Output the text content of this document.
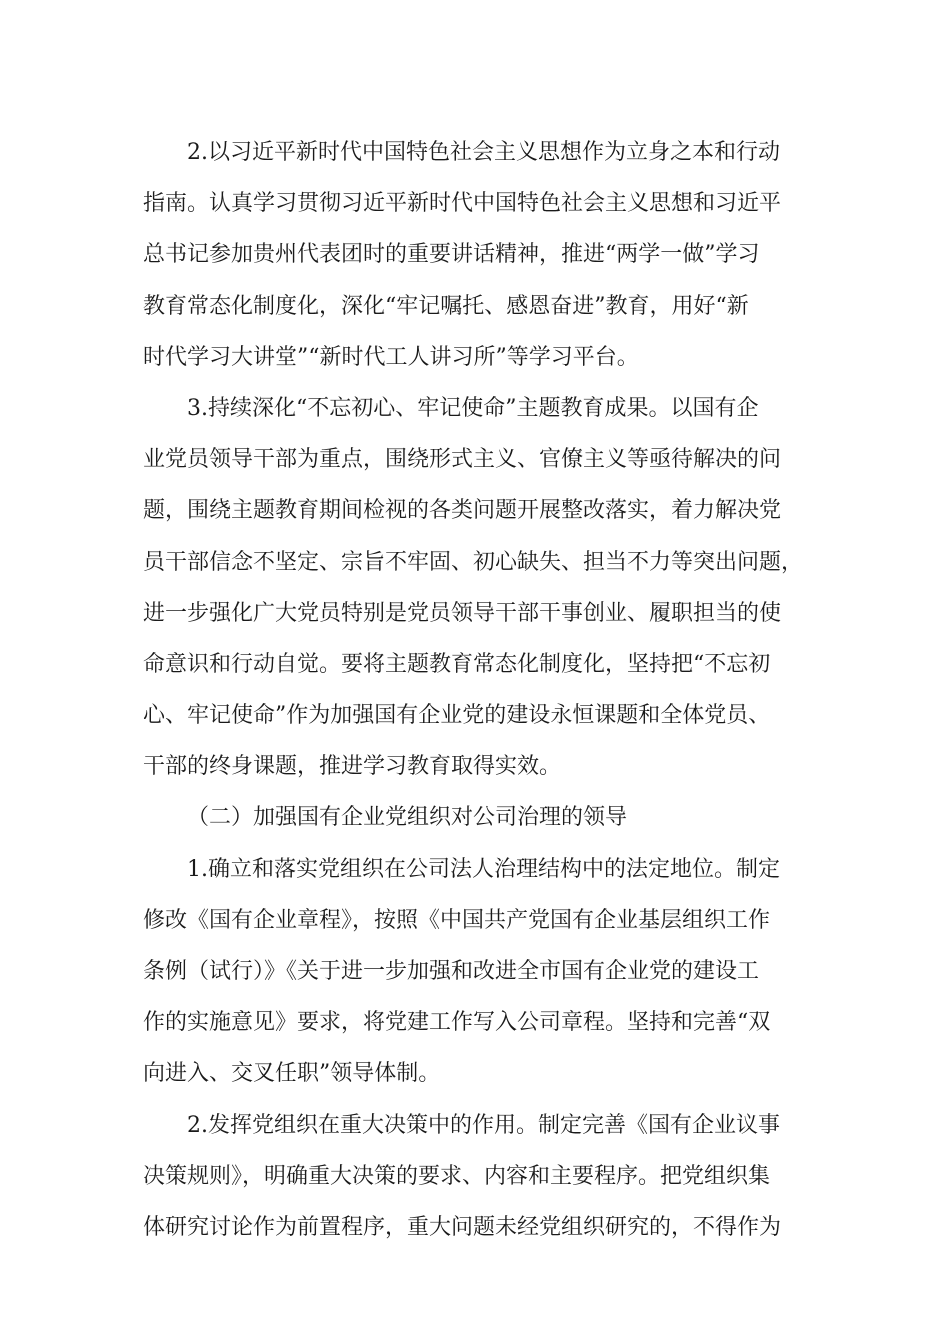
2.以习近平新时代中国特色社会主义思想作为立身之本和行动
指南。认真学习贯彻习近平新时代中国特色社会主义思想和习近平
总书记参加贵州代表团时的重要讲话精神，推进“两学一做”学习
教育常态化制度化，深化“牢记嘱托、感恩奋进”教育，用好“新
时代学习大讲堂”“新时代工人讲习所”等学习平台。

3.持续深化“不忘初心、牢记使命”主题教育成果。以国有企
业党员领导干部为重点，围绕形式主义、官僚主义等亟待解决的问
题，围绕主题教育期间检视的各类问题开展整改落实，着力解决党
员干部信念不坚定、宗旨不牢固、初心缺失、担当不力等突出问题，
进一步强化广大党员特别是党员领导干部干事创业、履职担当的使
命意识和行动自觉。要将主题教育常态化制度化，坚持把“不忘初
心、牢记使命”作为加强国有企业党的建设永恒课题和全体党员、
干部的终身课题，推进学习教育取得实效。

（二）加强国有企业党组织对公司治理的领导

1.确立和落实党组织在公司法人治理结构中的法定地位。制定
修改《国有企业章程》，按照《中国共产党国有企业基层组织工作
条例（试行）》《关于进一步加强和改进全市国有企业党的建设工
作的实施意见》要求，将党建工作写入公司章程。坚持和完善“双
向进入、交叉任职”领导体制。

2.发挥党组织在重大决策中的作用。制定完善《国有企业议事
决策规则》，明确重大决策的要求、内容和主要程序。把党组织集
体研究讨论作为前置程序，重大问题未经党组织研究的，不得作为
